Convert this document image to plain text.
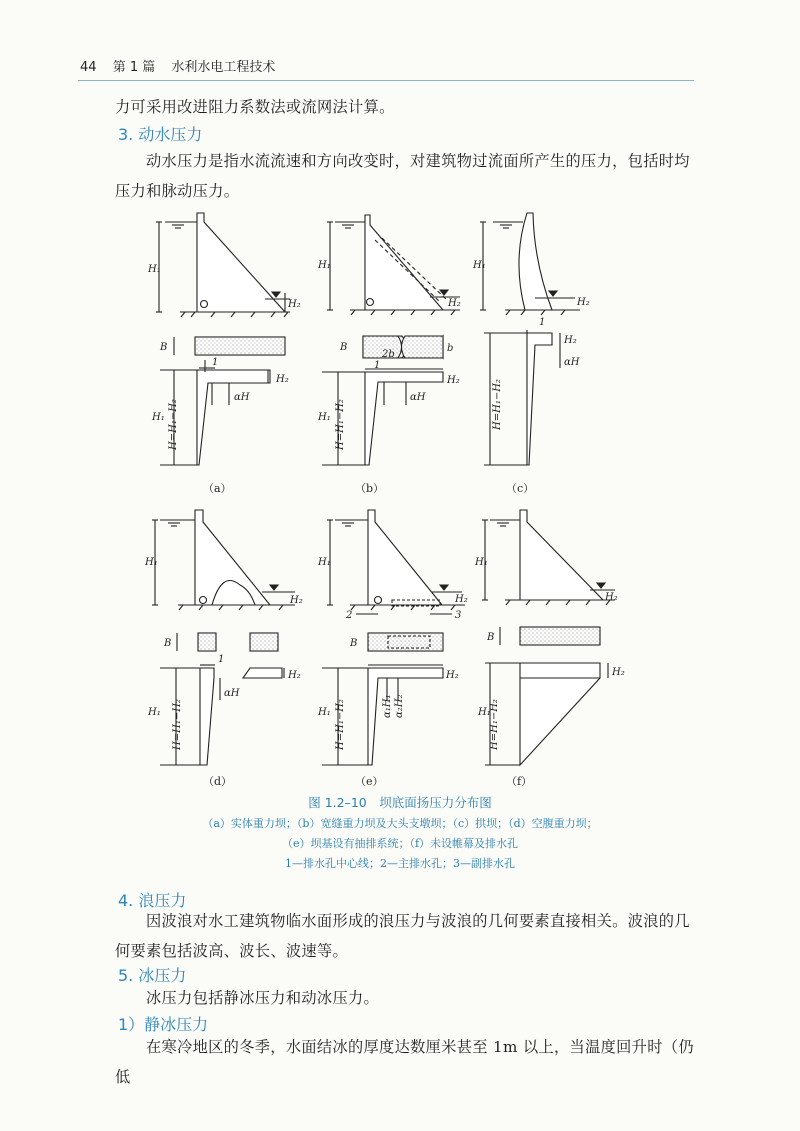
44 第 1 篇 水利水电工程技术
力可采用改进阻力系数法或流网法计算。
3. 动水压力
动水压力是指水流流速和方向改变时，对建筑物过流面所产生的压力，包括时均压力和脉动压力。
H₁
H₂
B
1
H₂
αH
H₁ H=H₁−H₂
H₁
H₂
B	b
2b
1
H₂
αH
H₁ H=H₁−H₂
H₁
H₂
1
H₂
αH
H=H₁−H₂
H₁
H₂
B
1
H₂
αH
H₁ H=H₁−H₂
H₁
H₂
2	3
B
H₂
α₁H₁ α₂H₂
H₁ H=H₁−H₂
H₁
H₂
B
H₂
H₁
H=H₁−H₂
（a）	（b）	（c）
（d）	（e）	（f）
图 1.2–10　坝底面扬压力分布图
（a）实体重力坝；（b）宽缝重力坝及大头支墩坝；（c）拱坝；（d）空腹重力坝；
（e）坝基设有抽排系统；（f）未设帷幕及排水孔
1—排水孔中心线；2—主排水孔；3—副排水孔
4. 浪压力
因波浪对水工建筑物临水面形成的浪压力与波浪的几何要素直接相关。波浪的几何要素包括波高、波长、波速等。
5. 冰压力
冰压力包括静冰压力和动冰压力。
1）静冰压力
在寒冷地区的冬季，水面结冰的厚度达数厘米甚至 1m 以上，当温度回升时（仍低
